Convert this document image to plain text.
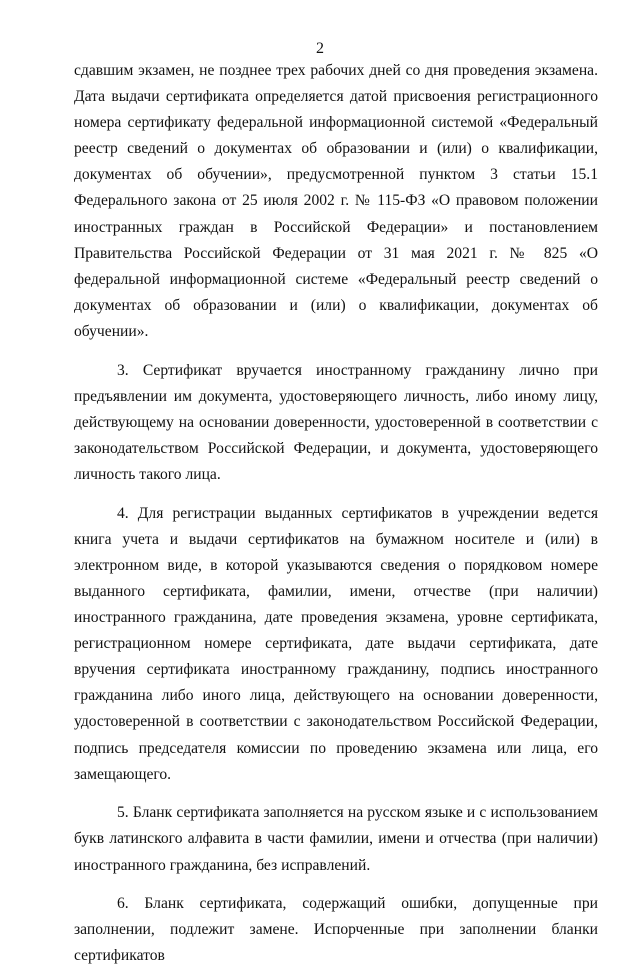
2

сдавшим экзамен, не позднее трех рабочих дней со дня проведения экзамена. Дата выдачи сертификата определяется датой присвоения регистрационного номера сертификату федеральной информационной системой «Федеральный реестр сведений о документах об образовании и (или) о квалификации, документах об обучении», предусмотренной пунктом 3 статьи 15.1 Федерального закона от 25 июля 2002 г. № 115-ФЗ «О правовом положении иностранных граждан в Российской Федерации» и постановлением Правительства Российской Федерации от 31 мая 2021 г. № 825 «О федеральной информационной системе «Федеральный реестр сведений о документах об образовании и (или) о квалификации, документах об обучении».

3. Сертификат вручается иностранному гражданину лично при предъявлении им документа, удостоверяющего личность, либо иному лицу, действующему на основании доверенности, удостоверенной в соответствии с законодательством Российской Федерации, и документа, удостоверяющего личность такого лица.

4. Для регистрации выданных сертификатов в учреждении ведется книга учета и выдачи сертификатов на бумажном носителе и (или) в электронном виде, в которой указываются сведения о порядковом номере выданного сертификата, фамилии, имени, отчестве (при наличии) иностранного гражданина, дате проведения экзамена, уровне сертификата, регистрационном номере сертификата, дате выдачи сертификата, дате вручения сертификата иностранному гражданину, подпись иностранного гражданина либо иного лица, действующего на основании доверенности, удостоверенной в соответствии с законодательством Российской Федерации, подпись председателя комиссии по проведению экзамена или лица, его замещающего.

5. Бланк сертификата заполняется на русском языке и с использованием букв латинского алфавита в части фамилии, имени и отчества (при наличии) иностранного гражданина, без исправлений.

6. Бланк сертификата, содержащий ошибки, допущенные при заполнении, подлежит замене. Испорченные при заполнении бланки сертификатов
